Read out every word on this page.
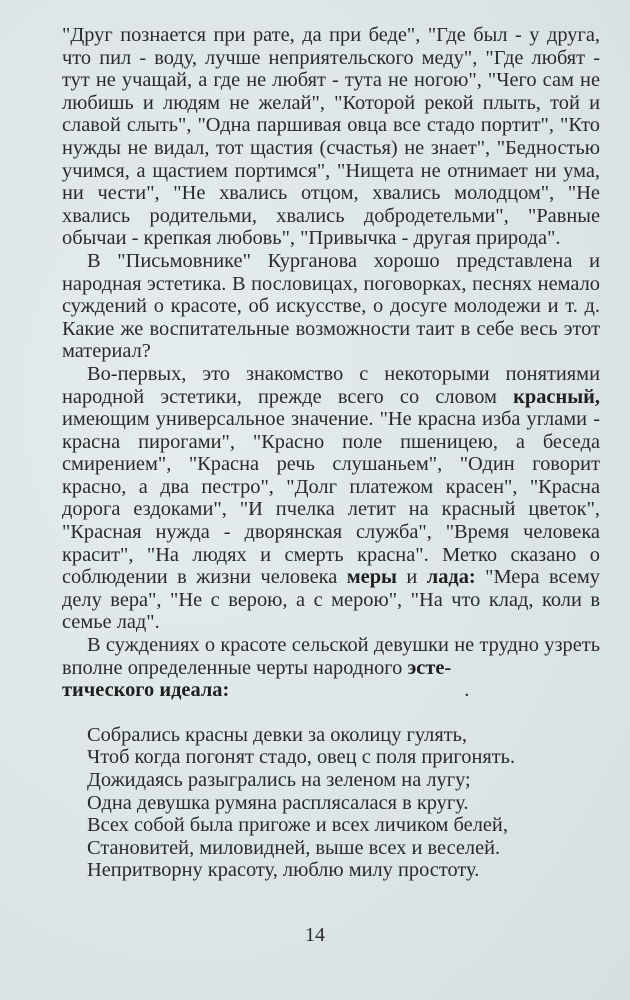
"Друг познается при рате, да при беде", "Где был - у друга, что пил - воду, лучше неприятельского меду", "Где любят - тут не учащай, а где не любят - тута не ногою", "Чего сам не любишь и людям не желай", "Которой рекой плыть, той и славой слыть", "Одна паршивая овца все стадо портит", "Кто нужды не видал, тот щастия (счастья) не знает", "Бедностью учимся, а щастием портимся", "Нищета не отнимает ни ума, ни чести", "Не хвались отцом, хвались молодцом", "Не хвались родительми, хвались добродетельми", "Равные обычаи - крепкая любовь", "Привычка - другая природа".

В "Письмовнике" Курганова хорошо представлена и народная эстетика. В пословицах, поговорках, песнях немало суждений о красоте, об искусстве, о досуге молодежи и т. д. Какие же воспитательные возможности таит в себе весь этот материал?

Во-первых, это знакомство с некоторыми понятиями народной эстетики, прежде всего со словом красный, имеющим универсальное значение. "Не красна изба углами - красна пирогами", "Красно поле пшеницею, а беседа смирением", "Красна речь слушаньем", "Один говорит красно, а два пестро", "Долг платежом красен", "Красна дорога ездоками", "И пчелка летит на красный цветок", "Красная нужда - дворянская служба", "Время человека красит", "На людях и смерть красна". Метко сказано о соблюдении в жизни человека меры и лада: "Мера всему делу вера", "Не с верою, а с мерою", "На что клад, коли в семье лад".

В суждениях о красоте сельской девушки не трудно узреть вполне определенные черты народного эсте-
тического идеала:	.

Собрались красны девки за околицу гулять,
Чтоб когда погонят стадо, овец с поля пригонять.
Дожидаясь разыгрались на зеленом на лугу;
Одна девушка румяна расплясалася в кругу.
Всех собой была пригоже и всех личиком белей,
Становитей, миловидней, выше всех и веселей.
Непритворну красоту, люблю милу простоту.
14
